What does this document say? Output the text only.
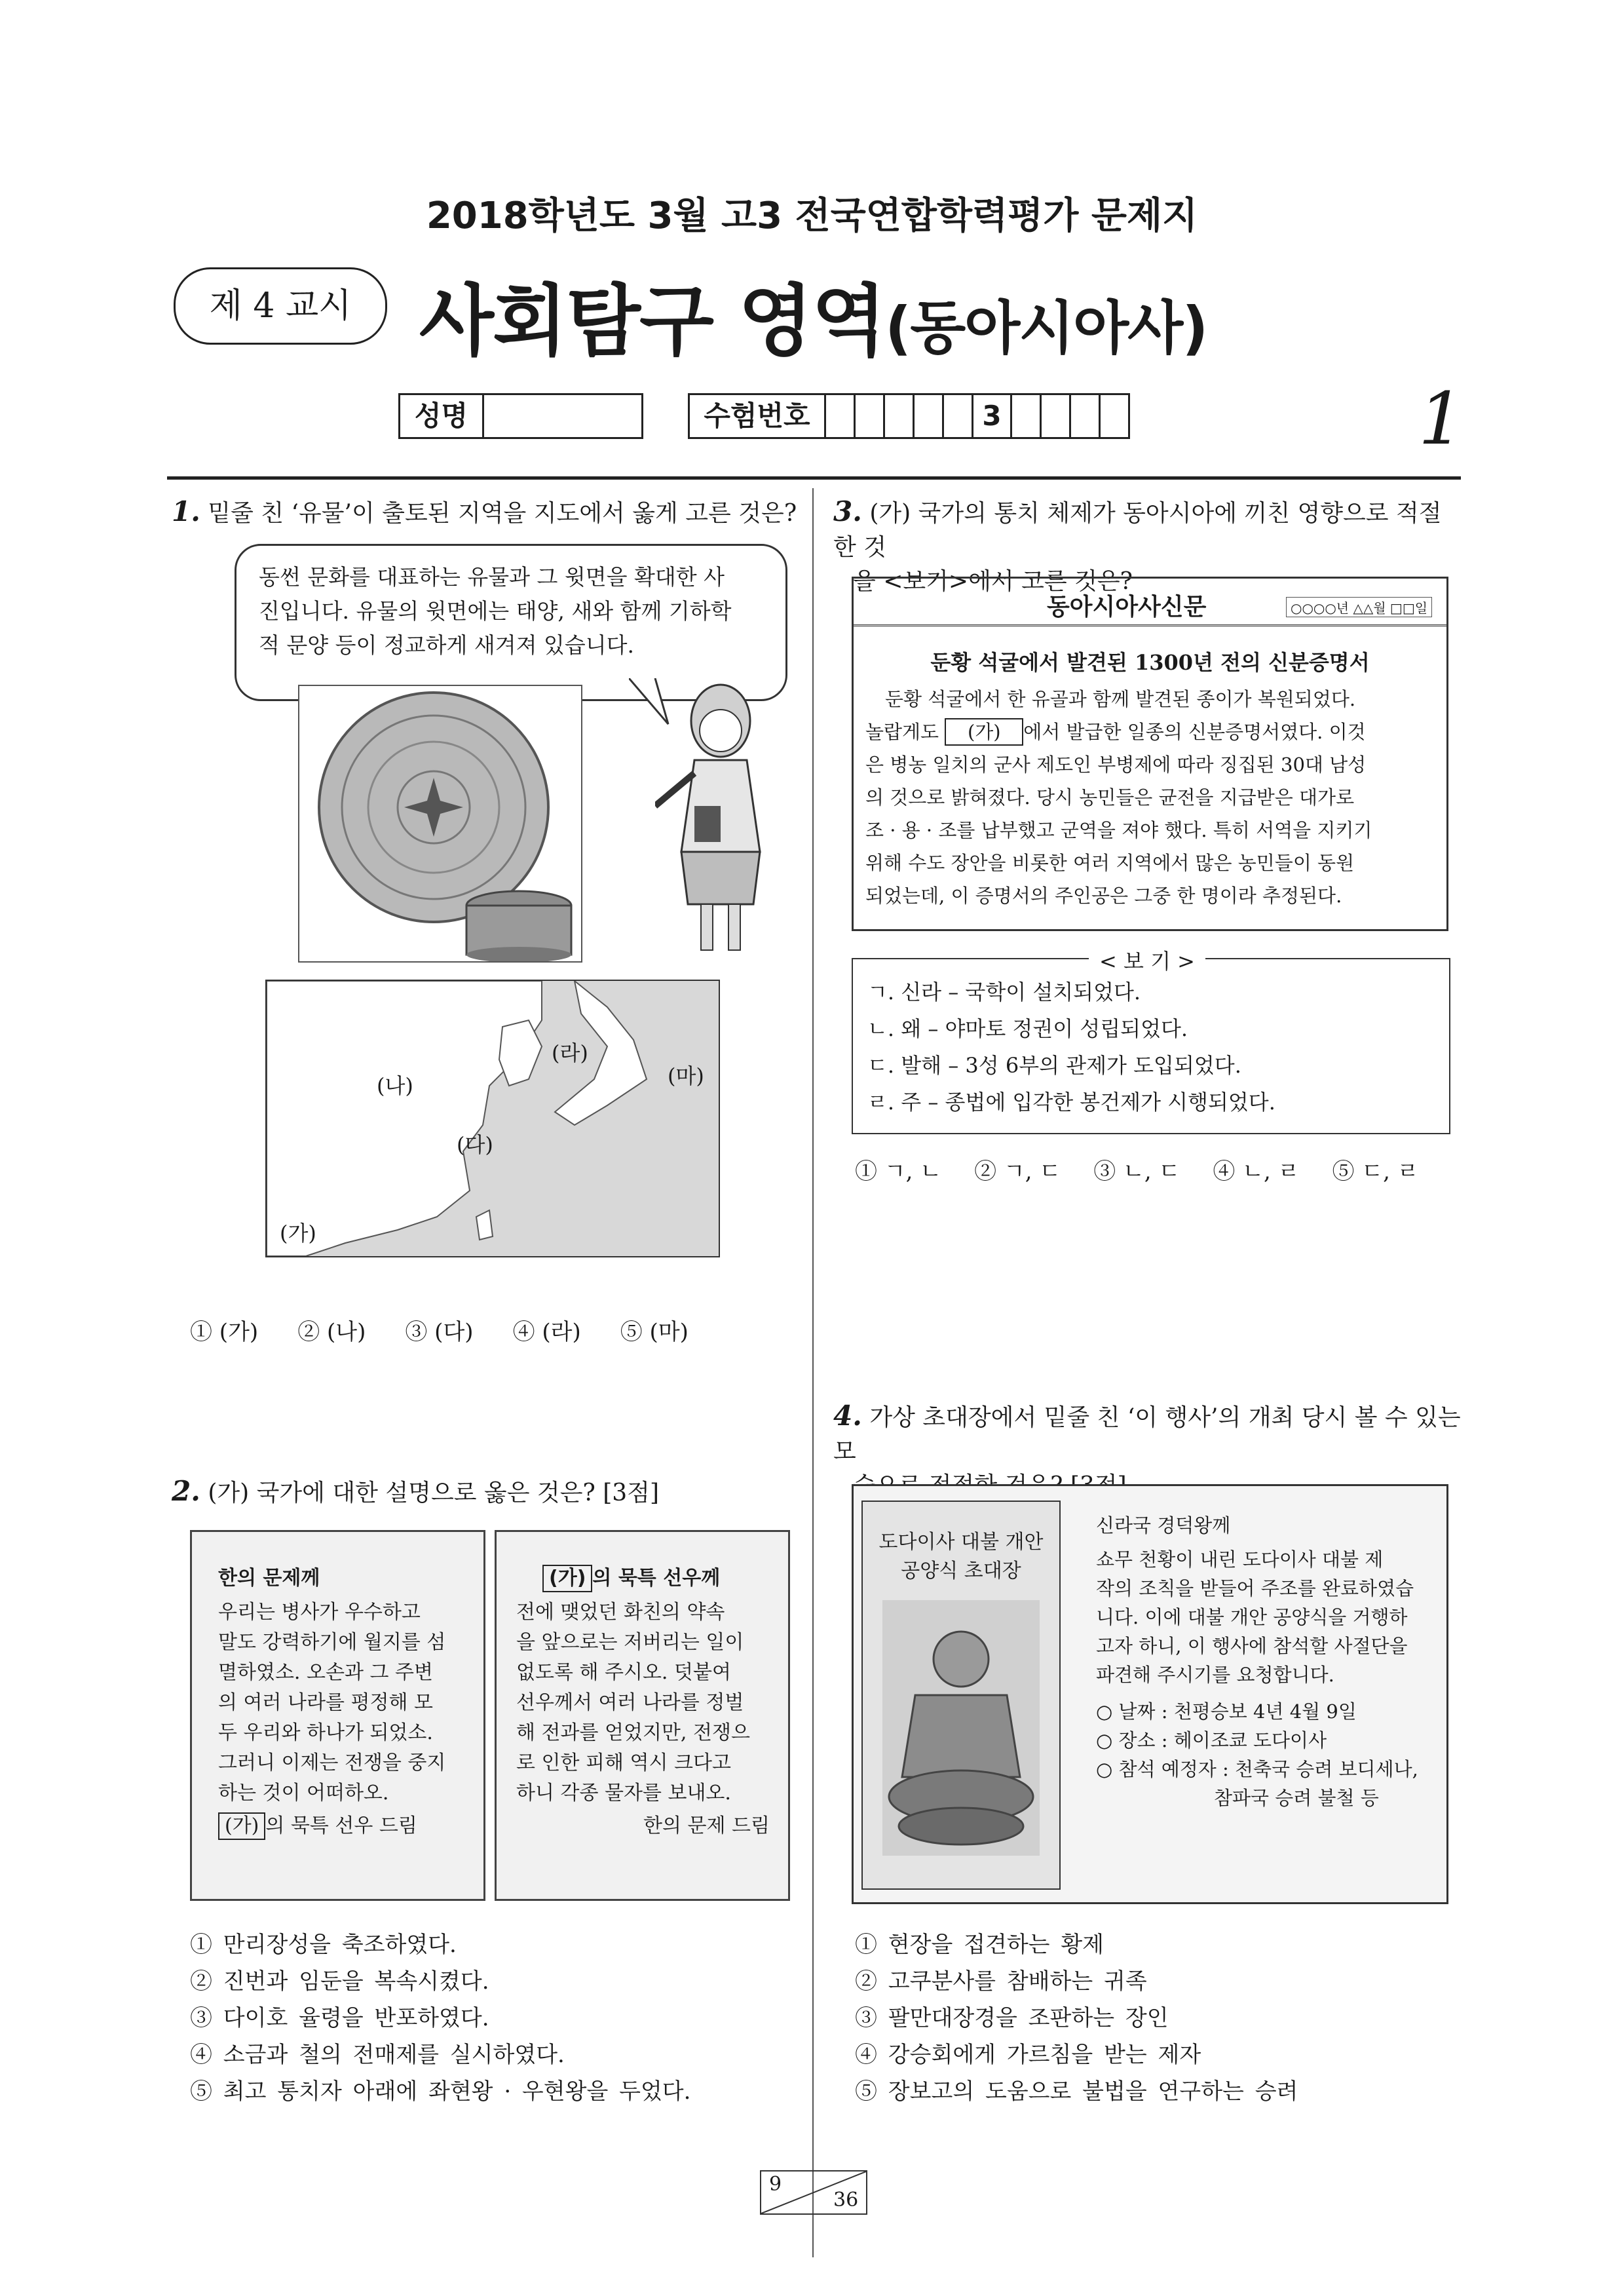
2018학년도 3월 고3 전국연합학력평가 문제지
제 4 교시 사회탐구 영역(동아시아사)
1
성명	수험번호	3
1. 밑줄 친 ‘유물’이 출토된 지역을 지도에서 옳게 고른 것은?
동썬 문화를 대표하는 유물과 그 윗면을 확대한 사
진입니다. 유물의 윗면에는 태양, 새와 함께 기하학
적 문양 등이 정교하게 새겨져 있습니다.
(가)
(나)
(다)
(라)
(마)
① (가) ② (나) ③ (다) ④ (라) ⑤ (마)
2. (가) 국가에 대한 설명으로 옳은 것은? [3점]
한의 문제께
우리는 병사가 우수하고
말도 강력하기에 월지를 섬
멸하였소. 오손과 그 주변
의 여러 나라를 평정해 모
두 우리와 하나가 되었소.
그러니 이제는 전쟁을 중지
하는 것이 어떠하오.
(가) 의 묵특 선우 드림
(가) 의 묵특 선우께
전에 맺었던 화친의 약속
을 앞으로는 저버리는 일이
없도록 해 주시오. 덧붙여
선우께서 여러 나라를 정벌
해 전과를 얻었지만, 전쟁으
로 인한 피해 역시 크다고
하니 각종 물자를 보내오.
한의 문제 드림
① 만리장성을 축조하였다.
② 진번과 임둔을 복속시켰다.
③ 다이호 율령을 반포하였다.
④ 소금과 철의 전매제를 실시하였다.
⑤ 최고 통치자 아래에 좌현왕 · 우현왕을 두었다.
3. (가) 국가의 통치 체제가 동아시아에 끼친 영향으로 적절한 것
을 <보기>에서 고른 것은?
동아시아사신문	○○○○년 △△월 □□일
둔황 석굴에서 발견된 1300년 전의 신분증명서
둔황 석굴에서 한 유골과 함께 발견된 종이가 복원되었다.
놀랍게도 (가) 에서 발급한 일종의 신분증명서였다. 이것
은 병농 일치의 군사 제도인 부병제에 따라 징집된 30대 남성
의 것으로 밝혀졌다. 당시 농민들은 균전을 지급받은 대가로
조 · 용 · 조를 납부했고 군역을 져야 했다. 특히 서역을 지키기
위해 수도 장안을 비롯한 여러 지역에서 많은 농민들이 동원
되었는데, 이 증명서의 주인공은 그중 한 명이라 추정된다.
< 보 기 >
ㄱ. 신라 – 국학이 설치되었다.
ㄴ. 왜 – 야마토 정권이 성립되었다.
ㄷ. 발해 – 3성 6부의 관제가 도입되었다.
ㄹ. 주 – 종법에 입각한 봉건제가 시행되었다.
① ㄱ, ㄴ ② ㄱ, ㄷ ③ ㄴ, ㄷ ④ ㄴ, ㄹ ⑤ ㄷ, ㄹ
4. 가상 초대장에서 밑줄 친 ‘이 행사’의 개최 당시 볼 수 있는 모
도다이사 대불 개안
공양식 초대장
신라국 경덕왕께
쇼무 천황이 내린 도다이사 대불 제
작의 조칙을 받들어 주조를 완료하였습
니다. 이에 대불 개안 공양식을 거행하
고자 하니, 이 행사에 참석할 사절단을
파견해 주시기를 요청합니다.
○ 날짜 : 천평승보 4년 4월 9일
○ 장소 : 헤이조쿄 도다이사
○ 참석 예정자 : 천축국 승려 보디세나,
참파국 승려 불철 등
① 현장을 접견하는 황제
② 고쿠분사를 참배하는 귀족
③ 팔만대장경을 조판하는 장인
④ 강승회에게 가르침을 받는 제자
⑤ 장보고의 도움으로 불법을 연구하는 승려
9
36
